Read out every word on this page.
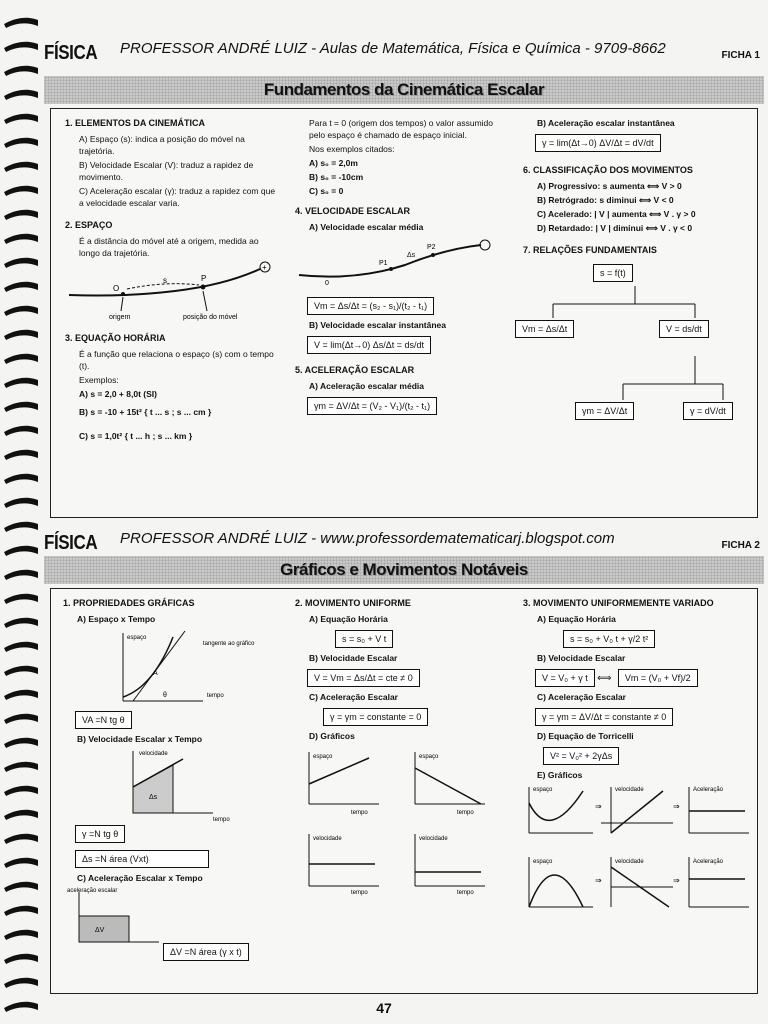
FÍSICA PROFESSOR ANDRÉ LUIZ - Aulas de Matemática, Física e Química - 9709-8662	FICHA 1
Fundamentos da Cinemática Escalar
1. ELEMENTOS DA CINEMÁTICA
A) Espaço (s): indica a posição do móvel na trajetória.
B) Velocidade Escalar (V): traduz a rapidez de movimento.
C) Aceleração escalar (γ): traduz a rapidez com que a velocidade escalar varia.
2. ESPAÇO
É a distância do móvel até a origem, medida ao longo da trajetória.
+
O
P
s
origem	posição do móvel
3. EQUAÇÃO HORÁRIA
É a função que relaciona o espaço (s) com o tempo (t).
Exemplos:
A) s = 2,0 + 8,0t (SI)
B) s = -10 + 15t² { t ... s ; s ... cm }
C) s = 1,0t² { t ... h ; s ... km }
Para t = 0 (origem dos tempos) o valor assumido pelo espaço é chamado de espaço inicial.
Nos exemplos citados:
A) s₀ = 2,0m
B) s₀ = -10cm
C) s₀ = 0
4. VELOCIDADE ESCALAR
A) Velocidade escalar média
P1
P2
Δs
0
Vm = Δs/Δt = (s₂ - s₁)/(t₂ - t₁)
B) Velocidade escalar instantânea
V = lim(Δt→0) Δs/Δt = ds/dt
5. ACELERAÇÃO ESCALAR
A) Aceleração escalar média
γm = ΔV/Δt = (V₂ - V₁)/(t₂ - t₁)
B) Aceleração escalar instantânea
γ = lim(Δt→0) ΔV/Δt = dV/dt
6. CLASSIFICAÇÃO DOS MOVIMENTOS
A) Progressivo: s aumenta ⟺ V > 0
B) Retrógrado: s diminui ⟺ V < 0
C) Acelerado: | V | aumenta ⟺ V . γ > 0
D) Retardado: | V | diminui ⟺ V . γ < 0
7. RELAÇÕES FUNDAMENTAIS
s = f(t)
Vm = Δs/Δt	V = ds/dt
γm = ΔV/Δt	γ = dV/dt
FÍSICA PROFESSOR ANDRÉ LUIZ - www.professordematematicarj.blogspot.com	FICHA 2
Gráficos e Movimentos Notáveis
1. PROPRIEDADES GRÁFICAS
A) Espaço x Tempo
espaço
tempo
tangente ao gráfico
θ
A
VA =N tg θ
B) Velocidade Escalar x Tempo
Δs
velocidade
tempo
γ =N tg θ
Δs =N área (Vxt)
C) Aceleração Escalar x Tempo
ΔV
aceleração escalar
ΔV =N área (γ x t)
2. MOVIMENTO UNIFORME
A) Equação Horária
s = s₀ + V t
B) Velocidade Escalar
V = Vm = Δs/Δt = cte ≠ 0
C) Aceleração Escalar
γ = γm = constante = 0
D) Gráficos
espaço	espaço
velocidade	velocidade
tempo	tempo
tempo	tempo
3. MOVIMENTO UNIFORMEMENTE VARIADO
A) Equação Horária
s = s₀ + V₀ t + γ/2 t²
B) Velocidade Escalar
V = V₀ + γ t ⟺ Vm = (V₀ + Vf)/2
C) Aceleração Escalar
γ = γm = ΔV/Δt = constante ≠ 0
D) Equação de Torricelli
V² = V₀² + 2γΔs
E) Gráficos
espaço	velocidade	Aceleração
espaço	velocidade	Aceleração
⇒	⇒
⇒	⇒
47
